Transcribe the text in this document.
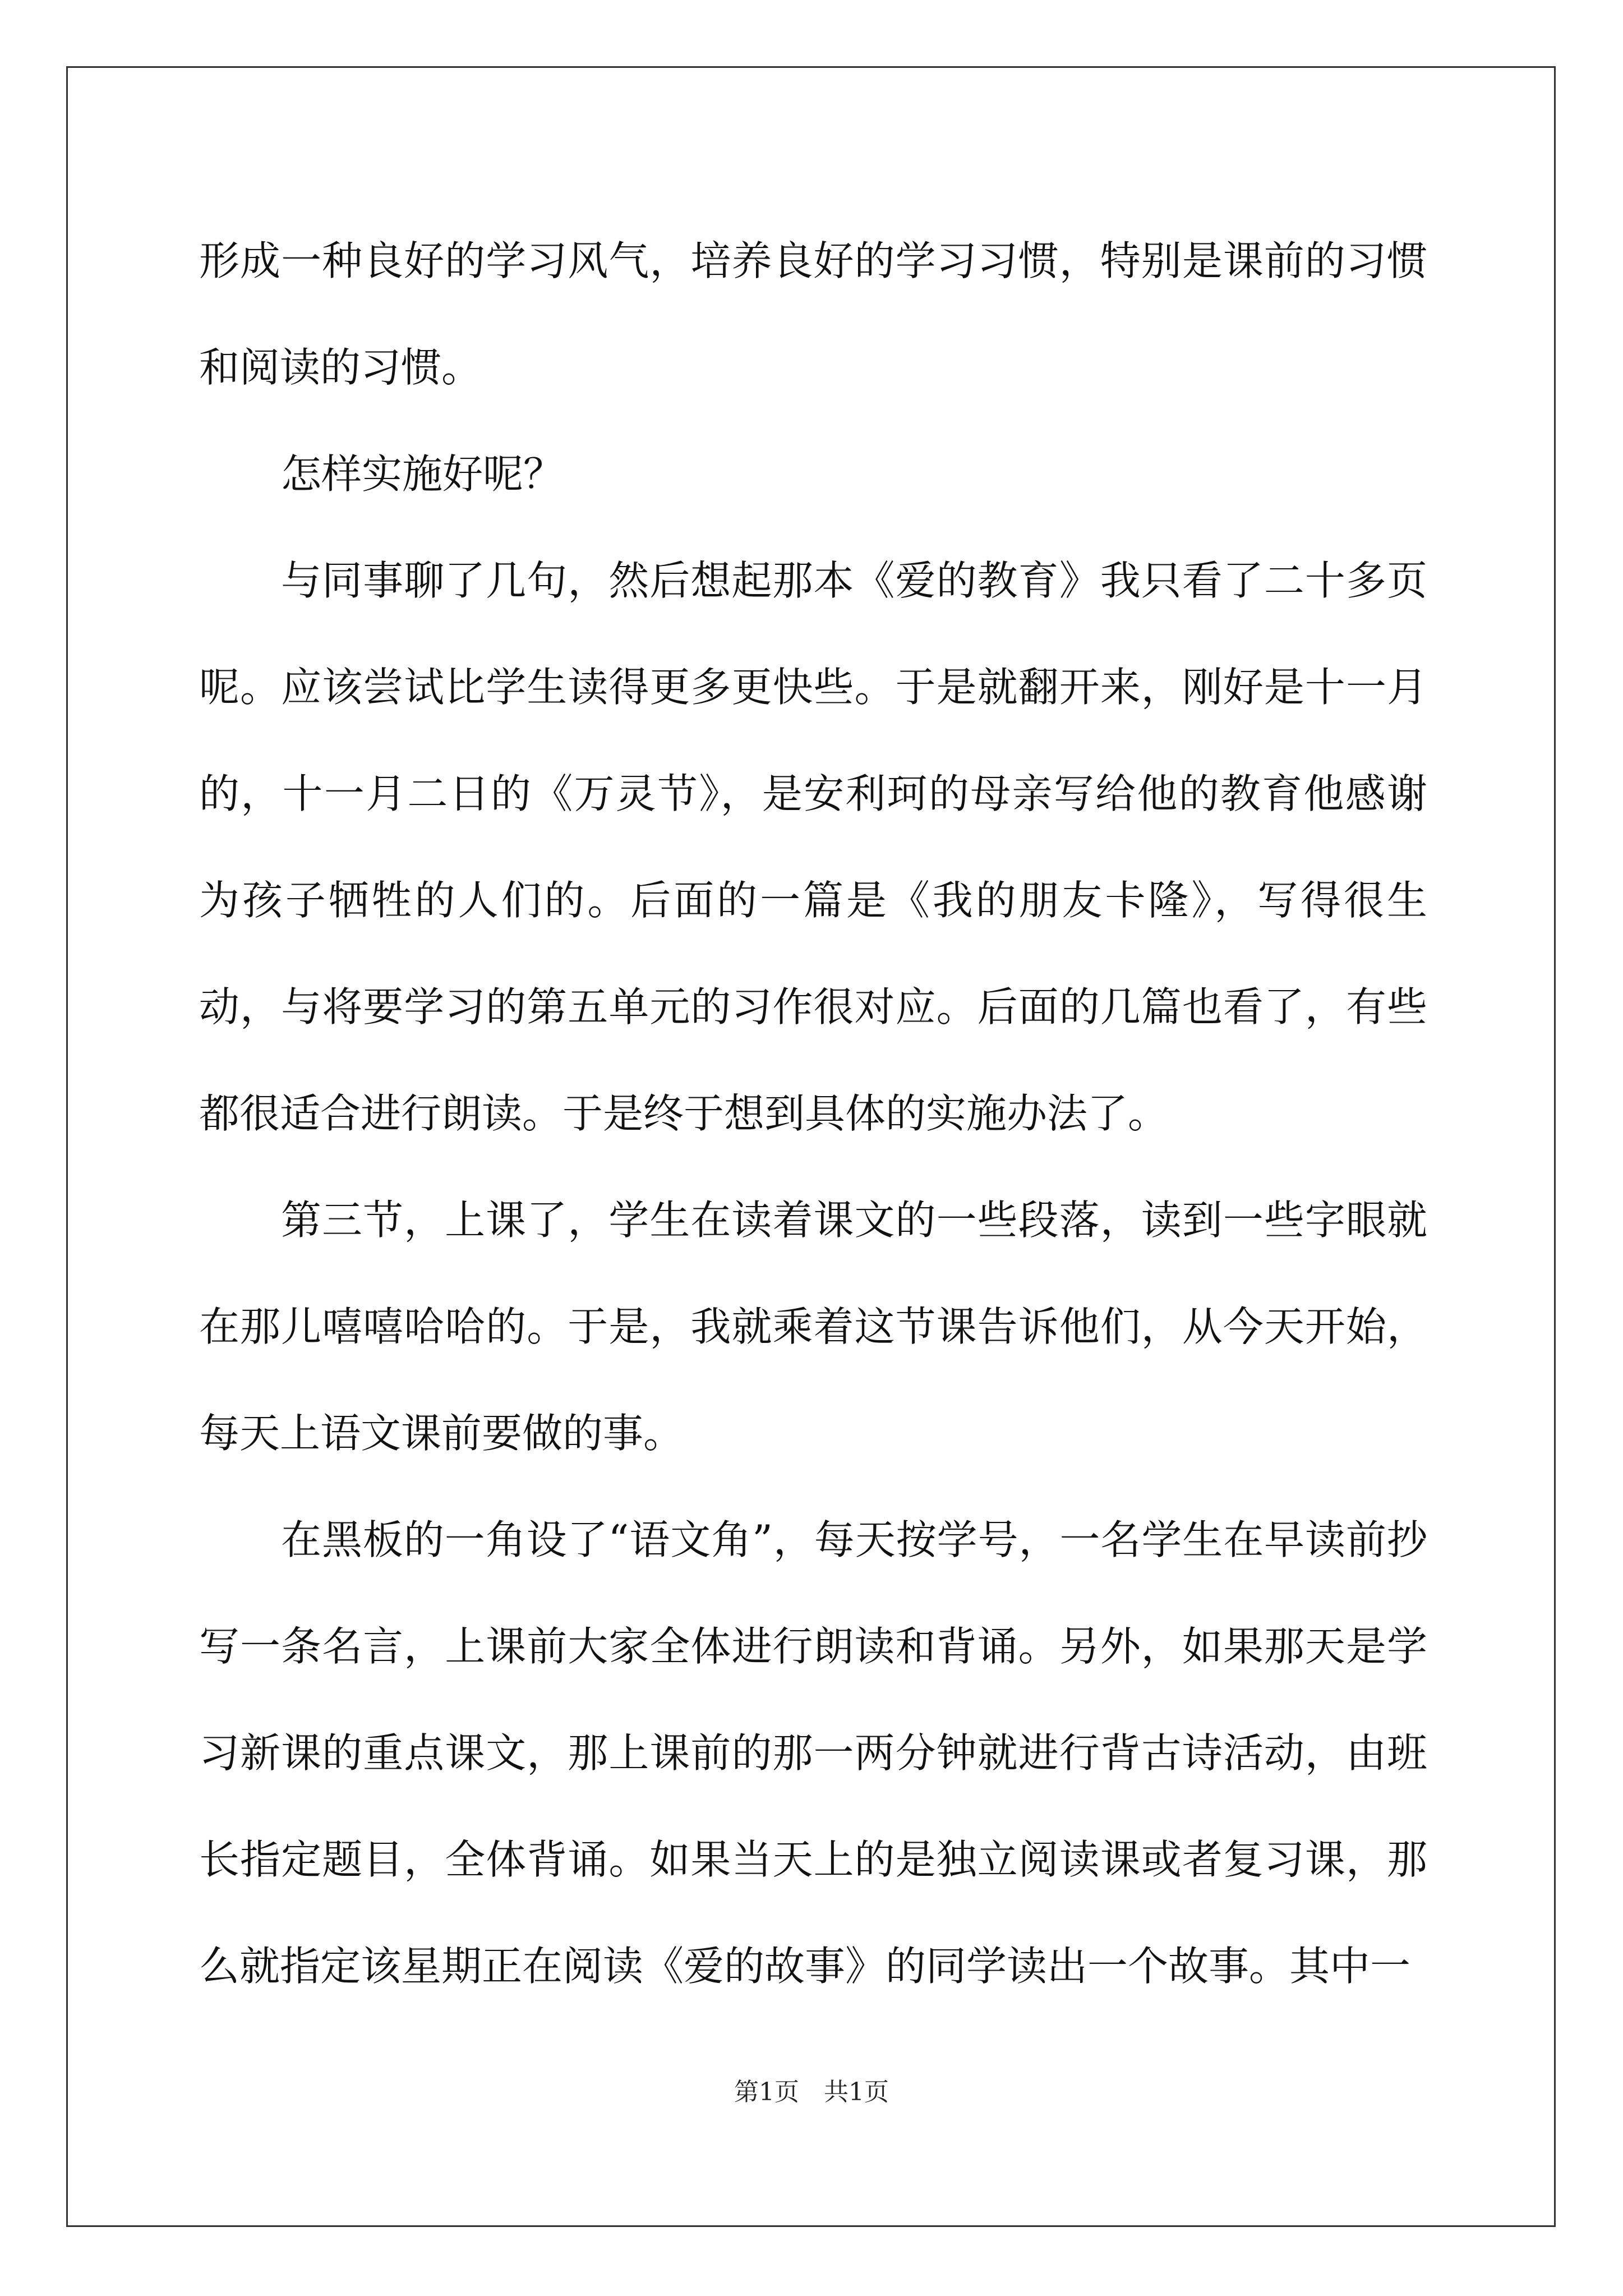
形成一种良好的学习风气，培养良好的学习习惯，特别是课前的习惯和阅读的习惯。

怎样实施好呢？

与同事聊了几句，然后想起那本《爱的教育》我只看了二十多页呢。应该尝试比学生读得更多更快些。于是就翻开来，刚好是十一月的，十一月二日的《万灵节》，是安利珂的母亲写给他的教育他感谢为孩子牺牲的人们的。后面的一篇是《我的朋友卡隆》，写得很生动，与将要学习的第五单元的习作很对应。后面的几篇也看了，有些都很适合进行朗读。于是终于想到具体的实施办法了。

第三节，上课了，学生在读着课文的一些段落，读到一些字眼就在那儿嘻嘻哈哈的。于是，我就乘着这节课告诉他们，从今天开始，每天上语文课前要做的事。

在黑板的一角设了“语文角”，每天按学号，一名学生在早读前抄写一条名言，上课前大家全体进行朗读和背诵。另外，如果那天是学习新课的重点课文，那上课前的那一两分钟就进行背古诗活动，由班长指定题目，全体背诵。如果当天上的是独立阅读课或者复习课，那么就指定该星期正在阅读《爱的故事》的同学读出一个故事。其中一

第1页　共1页
